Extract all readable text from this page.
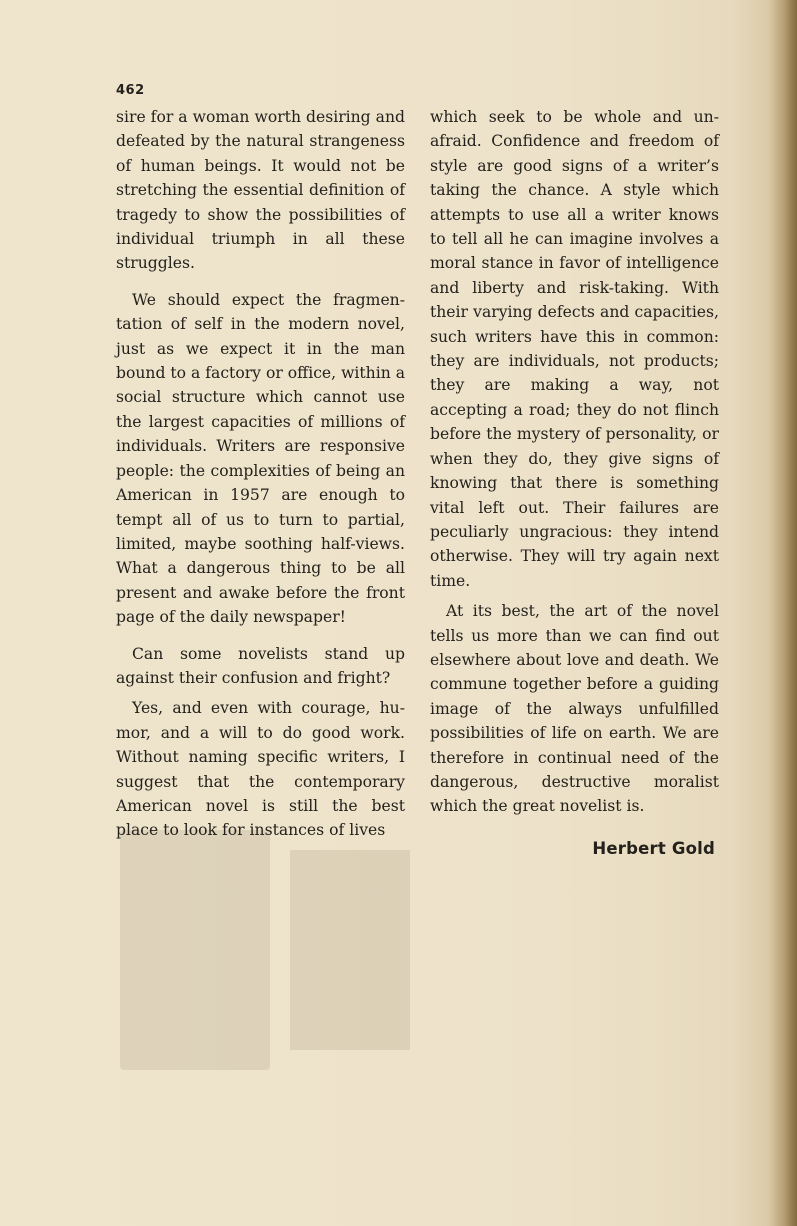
462

sire for a woman worth desiring and defeated by the natural strangeness of human beings. It would not be stretching the essential definition of tragedy to show the possibilities of individual triumph in all these struggles.

We should expect the fragmentation of self in the modern novel, just as we expect it in the man bound to a factory or office, within a social structure which cannot use the largest capacities of millions of individuals. Writers are responsive people: the complexities of being an American in 1957 are enough to tempt all of us to turn to partial, limited, maybe soothing half-views. What a dangerous thing to be all present and awake before the front page of the daily newspaper!

Can some novelists stand up against their confusion and fright?

Yes, and even with courage, humor, and a will to do good work. Without naming specific writers, I suggest that the contemporary American novel is still the best place to look for instances of lives

which seek to be whole and unafraid. Confidence and freedom of style are good signs of a writer’s taking the chance. A style which attempts to use all a writer knows to tell all he can imagine involves a moral stance in favor of intelligence and liberty and risk-taking. With their varying defects and capacities, such writers have this in common: they are individuals, not products; they are making a way, not accepting a road; they do not flinch before the mystery of personality, or when they do, they give signs of knowing that there is something vital left out. Their failures are peculiarly ungracious: they intend otherwise. They will try again next time.

At its best, the art of the novel tells us more than we can find out elsewhere about love and death. We commune together before a guiding image of the always unfulfilled possibilities of life on earth. We are therefore in continual need of the dangerous, destructive moralist which the great novelist is.

Herbert Gold
